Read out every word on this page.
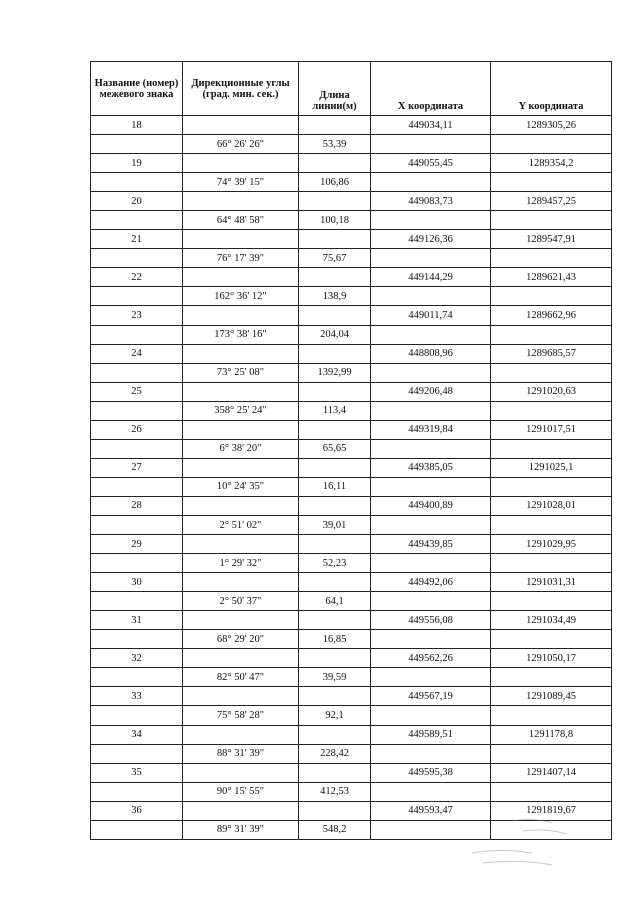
Название (номер) межевого знака	Дирекционные углы (град. мин. сек.)	Длина линии(м)	X координата	Y координата
18			449034,11	1289305,26
	66° 26' 26"	53,39		
19			449055,45	1289354,2
	74° 39' 15"	106,86		
20			449083,73	1289457,25
	64° 48' 58"	100,18		
21			449126,36	1289547,91
	76° 17' 39"	75,67		
22			449144,29	1289621,43
	162° 36' 12"	138,9		
23			449011,74	1289662,96
	173° 38' 16"	204,04		
24			448808,96	1289685,57
	73° 25' 08"	1392,99		
25			449206,48	1291020,63
	358° 25' 24"	113,4		
26			449319,84	1291017,51
	6° 38' 20"	65,65		
27			449385,05	1291025,1
	10° 24' 35"	16,11		
28			449400,89	1291028,01
	2° 51' 02"	39,01		
29			449439,85	1291029,95
	1° 29' 32"	52,23		
30			449492,06	1291031,31
	2° 50' 37"	64,1		
31			449556,08	1291034,49
	68° 29' 20"	16,85		
32			449562,26	1291050,17
	82° 50' 47"	39,59		
33			449567,19	1291089,45
	75° 58' 28"	92,1		
34			449589,51	1291178,8
	88° 31' 39"	228,42		
35			449595,38	1291407,14
	90° 15' 55"	412,53		
36			449593,47	1291819,67
	89° 31' 39"	548,2		
